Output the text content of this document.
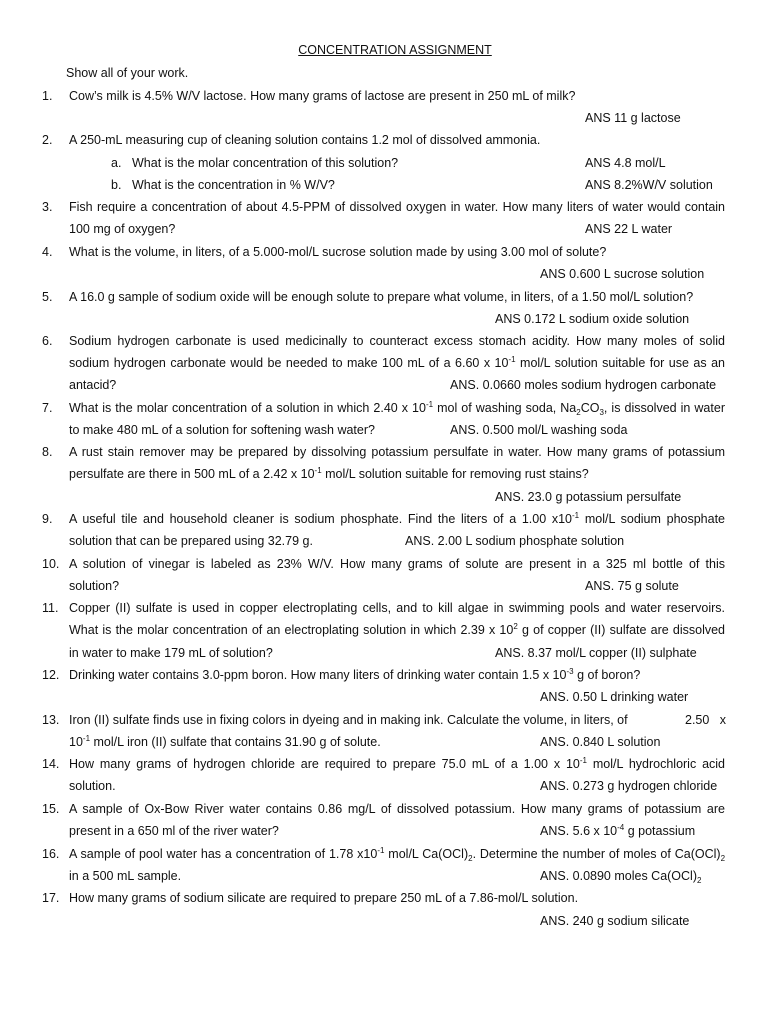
CONCENTRATION ASSIGNMENT
Show all of your work.
1.
2.
3.
4.
5.
6.
7.
8.
9.
10.
11.
12.
13.
14.
15.
16.
17.
Cow’s milk is 4.5% W/V lactose. How many grams of lactose are present in 250 mL of milk?
ANS 11 g lactose
A 250-mL measuring cup of cleaning solution contains 1.2 mol of dissolved ammonia.
a. What is the molar concentration of this solution?	ANS 4.8 mol/L
b. What is the concentration in % W/V?	ANS 8.2%W/V solution
Fish require a concentration of about 4.5-PPM of dissolved oxygen in water. How many liters of water would contain
100 mg of oxygen?	ANS 22 L water
What is the volume, in liters, of a 5.000-mol/L sucrose solution made by using 3.00 mol of solute?
ANS 0.600 L sucrose solution
A 16.0 g sample of sodium oxide will be enough solute to prepare what volume, in liters, of a 1.50 mol/L solution?
ANS 0.172 L sodium oxide solution
Sodium hydrogen carbonate is used medicinally to counteract excess stomach acidity. How many moles of solid
sodium hydrogen carbonate would be needed to make 100 mL of a 6.60 x $10^{-1}$ mol/L solution suitable for use as an
antacid?	ANS. 0.0660 moles sodium hydrogen carbonate
What is the molar concentration of a solution in which 2.40 x $10^{-1}$ mol of washing soda, $Na_2CO_3$, is dissolved in water
to make 480 mL of a solution for softening wash water?	ANS. 0.500 mol/L washing soda
A rust stain remover may be prepared by dissolving potassium persulfate in water. How many grams of potassium
persulfate are there in 500 mL of a 2.42 x $10^{-1}$ mol/L solution suitable for removing rust stains?
ANS. 23.0 g potassium persulfate
A useful tile and household cleaner is sodium phosphate. Find the liters of a 1.00 $x10^{-1}$ mol/L sodium phosphate
solution that can be prepared using 32.79 g.	ANS. 2.00 L sodium phosphate solution
A solution of vinegar is labeled as 23% W/V. How many grams of solute are present in a 325 ml bottle of this
solution?	ANS. 75 g solute
Copper (II) sulfate is used in copper electroplating cells, and to kill algae in swimming pools and water reservoirs.
What is the molar concentration of an electroplating solution in which 2.39 x $10^2$ g of copper (II) sulfate are dissolved
in water to make 179 mL of solution?	ANS. 8.37 mol/L copper (II) sulphate
Drinking water contains 3.0-ppm boron. How many liters of drinking water contain 1.5 x $10^{-3}$ g of boron?
ANS. 0.50 L drinking water
Iron (II) sulfate finds use in fixing colors in dyeing and in making ink. Calculate the volume, in liters, of	2.50   x
$10^{-1}$ mol/L iron (II) sulfate that contains 31.90 g of solute.	ANS. 0.840 L solution
How many grams of hydrogen chloride are required to prepare 75.0 mL of a 1.00 x $10^{-1}$ mol/L hydrochloric acid
solution.	ANS. 0.273 g hydrogen chloride
A sample of Ox-Bow River water contains 0.86 mg/L of dissolved potassium. How many grams of potassium are
present in a 650 ml of the river water?	ANS. 5.6 x $10^{-4}$ g potassium
A sample of pool water has a concentration of 1.78 $x10^{-1}$ mol/L $Ca(OCl)_2$. Determine the number of moles of $Ca(OCl)_2$
in a 500 mL sample.	ANS. 0.0890 moles $Ca(OCl)_2$
How many grams of sodium silicate are required to prepare 250 mL of a 7.86-mol/L solution.
ANS. 240 g sodium silicate
